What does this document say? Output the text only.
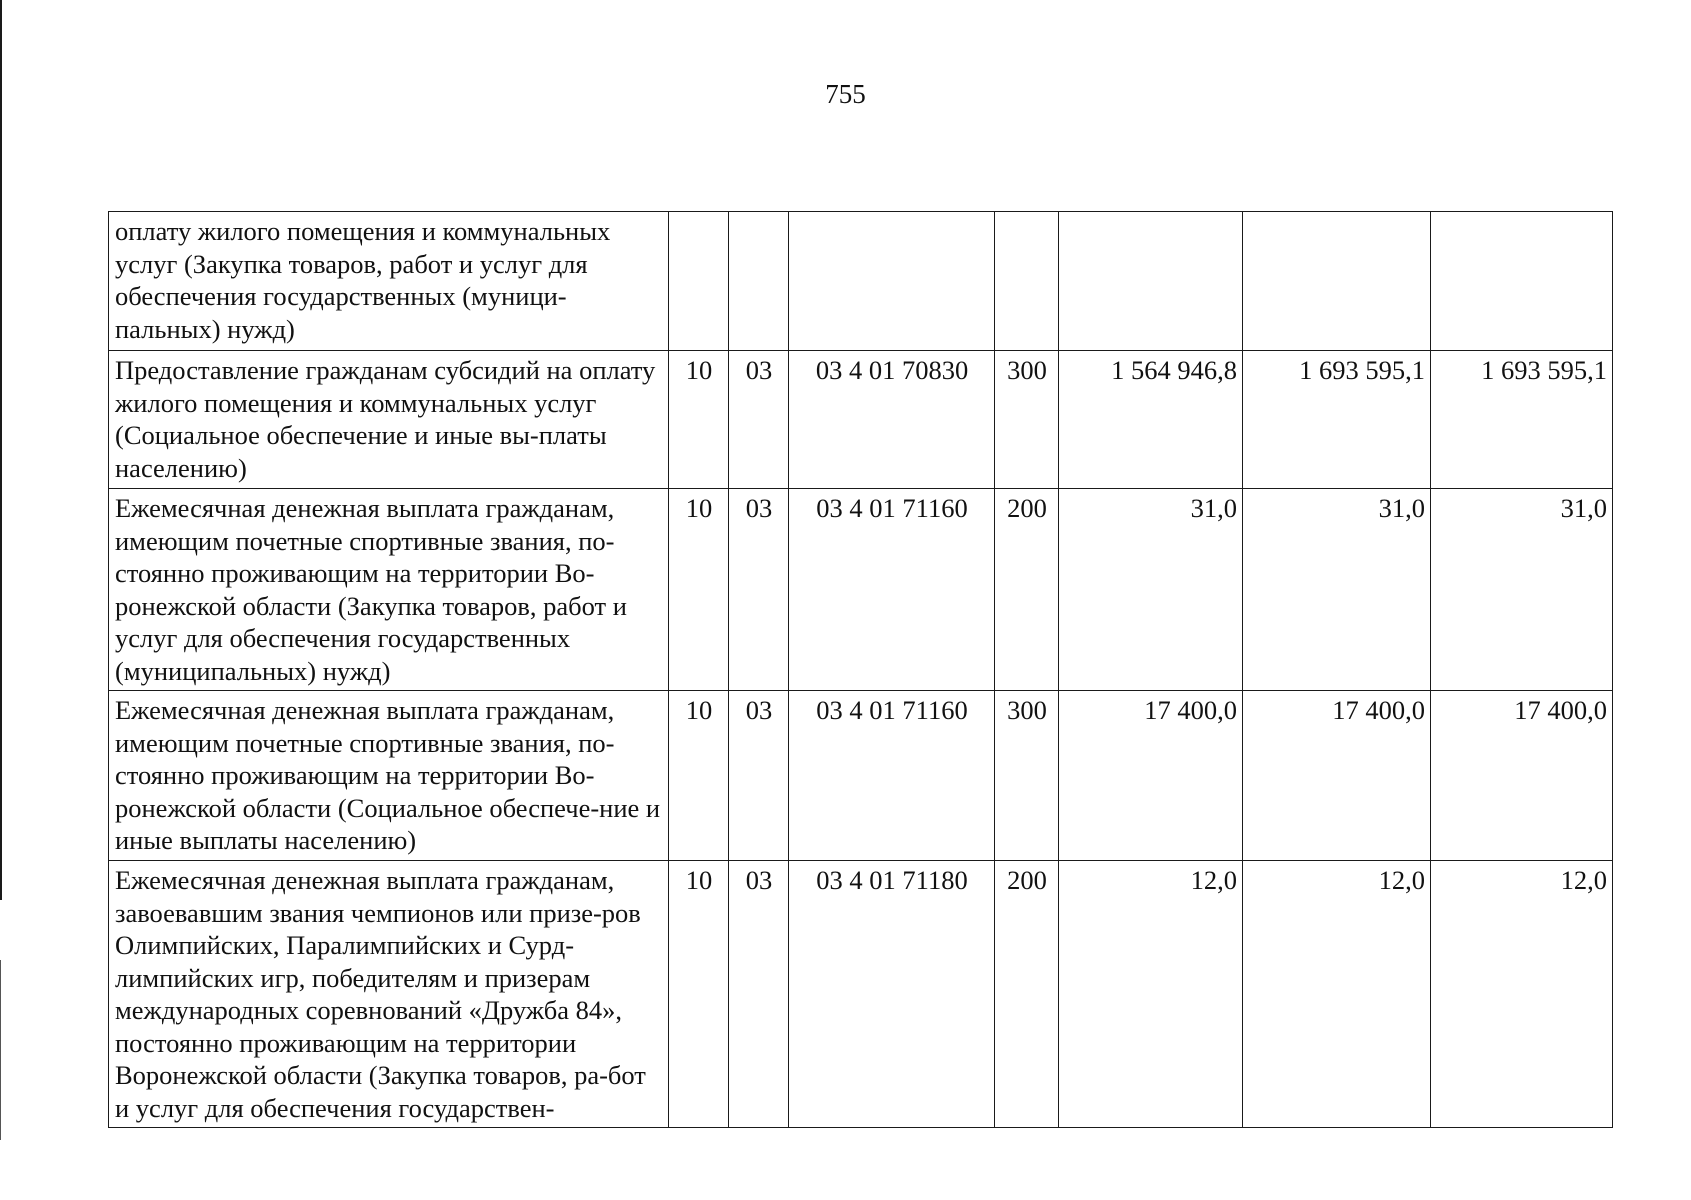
755
оплату жилого помещения и коммунальных услуг (Закупка товаров, работ и услуг для обеспечения государственных (муници-пальных) нужд)							
Предоставление гражданам субсидий на оплату жилого помещения и коммунальных услуг (Социальное обеспечение и иные вы-платы населению)	10	03	03 4 01 70830	300	1 564 946,8	1 693 595,1	1 693 595,1
Ежемесячная денежная выплата гражданам, имеющим почетные спортивные звания, по-стоянно проживающим на территории Во-ронежской области (Закупка товаров, работ и услуг для обеспечения государственных (муниципальных) нужд)	10	03	03 4 01 71160	200	31,0	31,0	31,0
Ежемесячная денежная выплата гражданам, имеющим почетные спортивные звания, по-стоянно проживающим на территории Во-ронежской области (Социальное обеспече-ние и иные выплаты населению)	10	03	03 4 01 71160	300	17 400,0	17 400,0	17 400,0
Ежемесячная денежная выплата гражданам, завоевавшим звания чемпионов или призе-ров Олимпийских, Паралимпийских и Сурд-лимпийских игр, победителям и призерам международных соревнований «Дружба 84», постоянно проживающим на территории Воронежской области (Закупка товаров, ра-бот и услуг для обеспечения государствен-	10	03	03 4 01 71180	200	12,0	12,0	12,0
